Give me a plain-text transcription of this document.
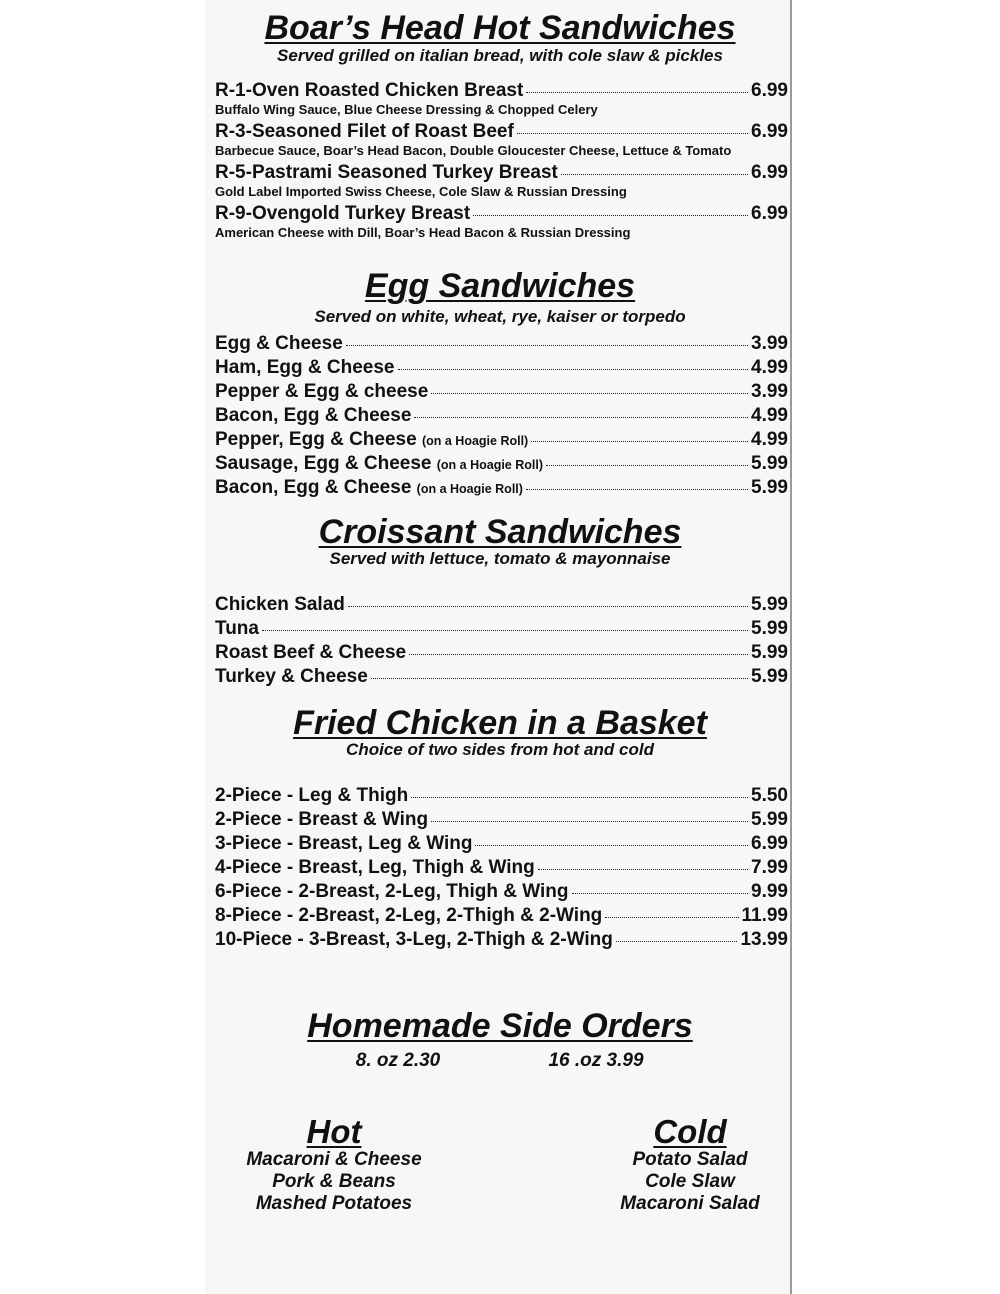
Boar’s Head Hot Sandwiches
Served grilled on italian bread, with cole slaw & pickles
R-1-Oven Roasted Chicken Breast	6.99
Buffalo Wing Sauce, Blue Cheese Dressing & Chopped Celery
R-3-Seasoned Filet of Roast Beef	6.99
Barbecue Sauce, Boar’s Head Bacon, Double Gloucester Cheese, Lettuce & Tomato
R-5-Pastrami Seasoned Turkey Breast	6.99
Gold Label Imported Swiss Cheese, Cole Slaw & Russian Dressing
R-9-Ovengold Turkey Breast	6.99
American Cheese with Dill, Boar’s Head Bacon & Russian Dressing
Egg Sandwiches
Served on white, wheat, rye, kaiser or torpedo
Egg & Cheese	3.99
Ham, Egg & Cheese	4.99
Pepper & Egg & cheese	3.99
Bacon, Egg & Cheese	4.99
Pepper, Egg & Cheese
(on a Hoagie Roll)	4.99
Sausage, Egg & Cheese
(on a Hoagie Roll)	5.99
Bacon, Egg & Cheese
(on a Hoagie Roll)	5.99
Croissant Sandwiches
Served with lettuce, tomato & mayonnaise
Chicken Salad	5.99
Tuna	5.99
Roast Beef & Cheese	5.99
Turkey & Cheese	5.99
Fried Chicken in a Basket
Choice of two sides from hot and cold
2-Piece - Leg & Thigh	5.50
2-Piece - Breast & Wing	5.99
3-Piece - Breast, Leg & Wing	6.99
4-Piece - Breast, Leg, Thigh & Wing	7.99
6-Piece - 2-Breast, 2-Leg, Thigh & Wing	9.99
8-Piece - 2-Breast, 2-Leg, 2-Thigh & 2-Wing	11.99
10-Piece - 3-Breast, 3-Leg, 2-Thigh & 2-Wing	13.99
Homemade Side Orders
8. oz 2.30	16 .oz 3.99
Hot
Macaroni & Cheese
Pork & Beans
Mashed Potatoes
Cold
Potato Salad
Cole Slaw
Macaroni Salad
